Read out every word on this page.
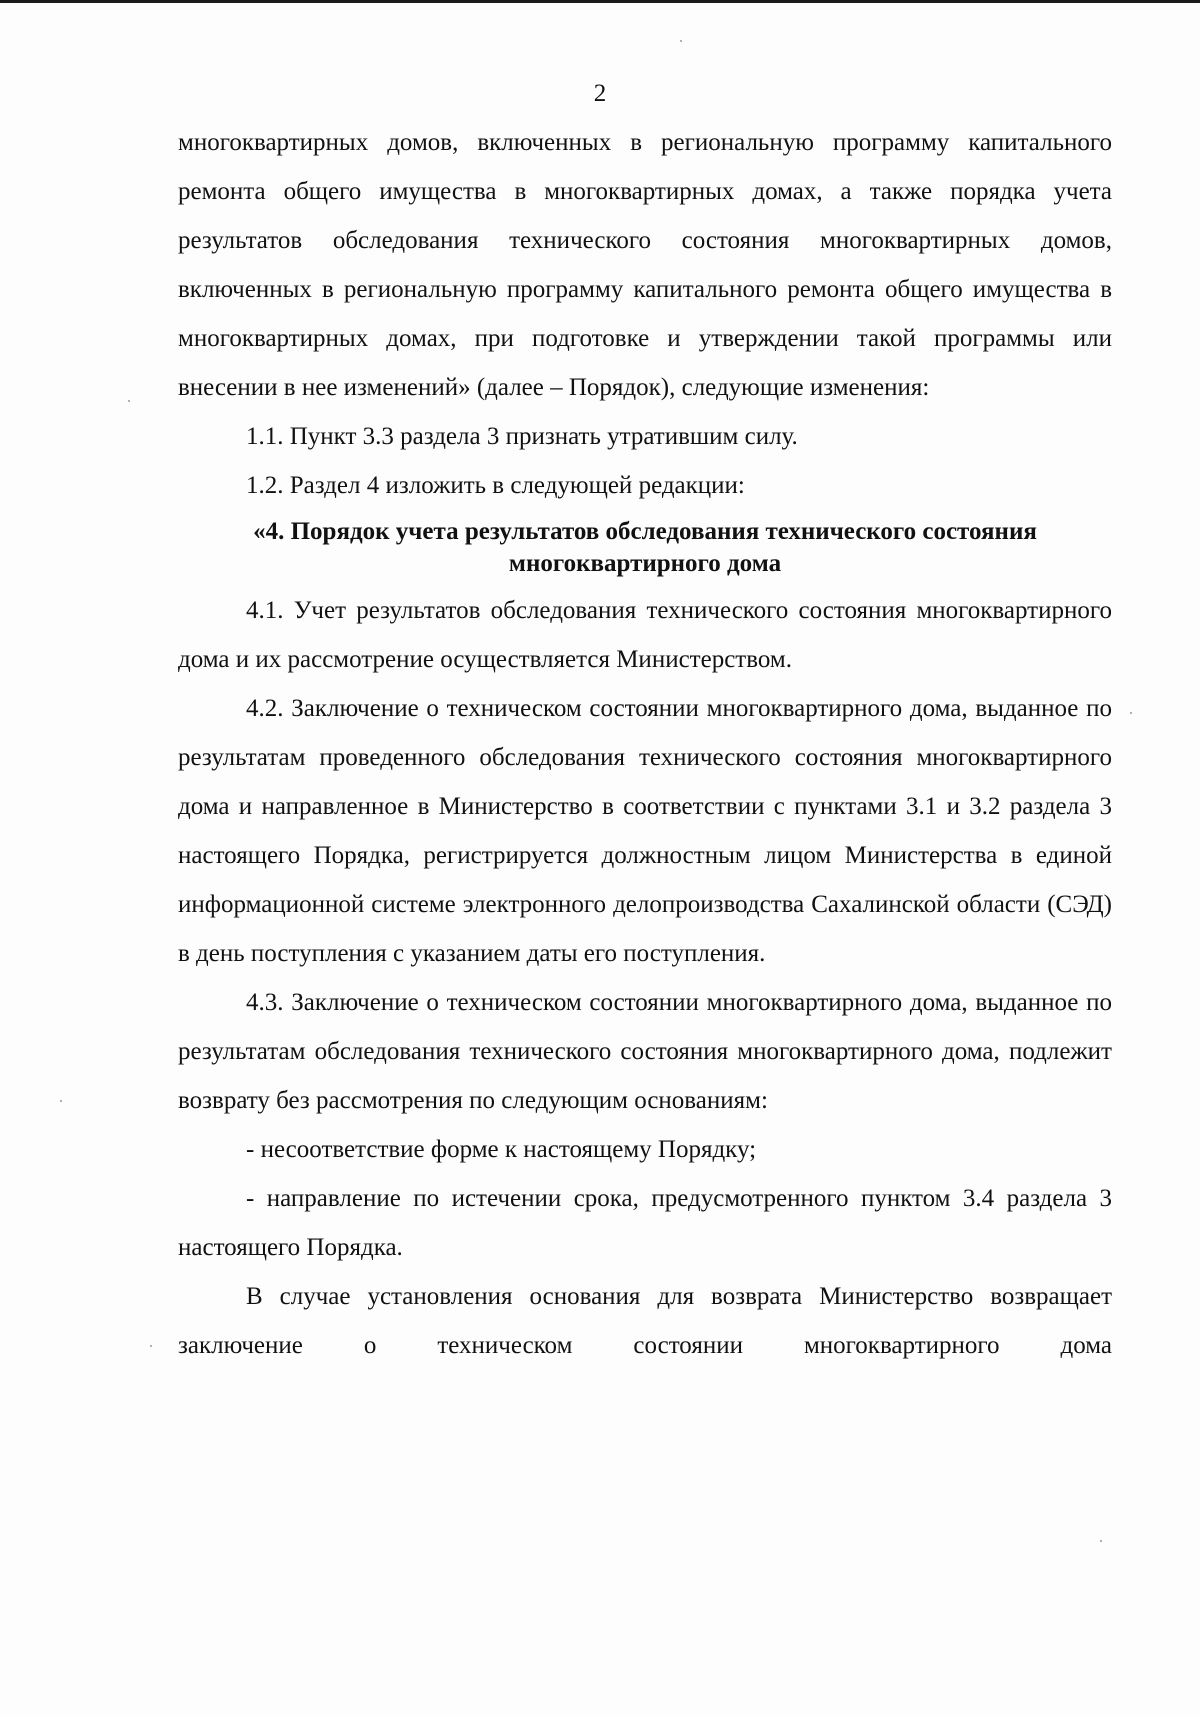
2

многоквартирных домов, включенных в региональную программу капитального ремонта общего имущества в многоквартирных домах, а также порядка учета результатов обследования технического состояния многоквартирных домов, включенных в региональную программу капитального ремонта общего имущества в многоквартирных домах, при подготовке и утверждении такой программы или внесении в нее изменений» (далее – Порядок), следующие изменения:

1.1. Пункт 3.3 раздела 3 признать утратившим силу.

1.2. Раздел 4 изложить в следующей редакции:

«4. Порядок учета результатов обследования технического состояния
многоквартирного дома

4.1. Учет результатов обследования технического состояния многоквартирного дома и их рассмотрение осуществляется Министерством.

4.2. Заключение о техническом состоянии многоквартирного дома, выданное по результатам проведенного обследования технического состояния многоквартирного дома и направленное в Министерство в соответствии с пунктами 3.1 и 3.2 раздела 3 настоящего Порядка, регистрируется должностным лицом Министерства в единой информационной системе электронного делопроизводства Сахалинской области (СЭД) в день поступления с указанием даты его поступления.

4.3. Заключение о техническом состоянии многоквартирного дома, выданное по результатам обследования технического состояния многоквартирного дома, подлежит возврату без рассмотрения по следующим основаниям:

- несоответствие форме к настоящему Порядку;

- направление по истечении срока, предусмотренного пунктом 3.4 раздела 3 настоящего Порядка.

В случае установления основания для возврата Министерство возвращает заключение о техническом состоянии многоквартирного дома
